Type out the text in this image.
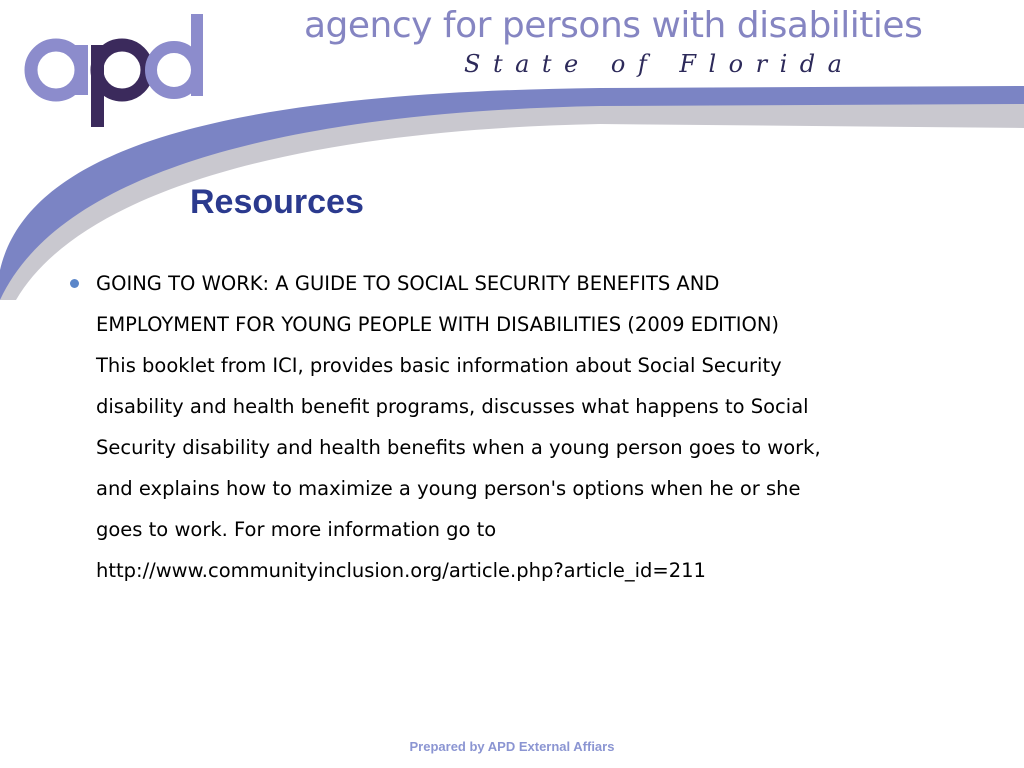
agency for persons with disabilities
State of Florida
Resources
GOING TO WORK: A GUIDE TO SOCIAL SECURITY BENEFITS AND
EMPLOYMENT FOR YOUNG PEOPLE WITH DISABILITIES (2009 EDITION)
This booklet from ICI, provides basic information about Social Security
disability and health benefit programs, discusses what happens to Social
Security disability and health benefits when a young person goes to work,
and explains how to maximize a young person's options when he or she
goes to work. For more information go to
http://www.communityinclusion.org/article.php?article_id=211
Prepared by APD External Affiars
